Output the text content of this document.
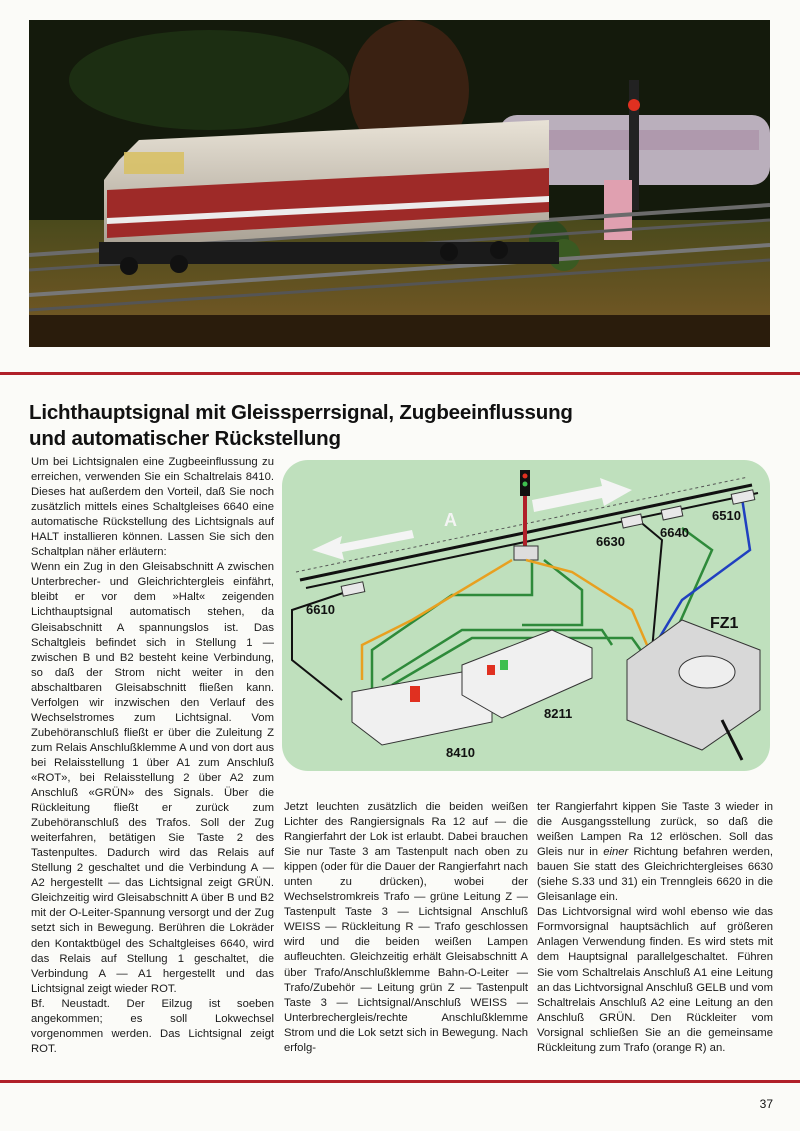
Lichthauptsignal mit Gleissperrsignal, Zugbeeinflussung
und automatischer Rückstellung

Um bei Lichtsignalen eine Zugbeeinflussung zu erreichen, verwenden Sie ein Schaltrelais 8410. Dieses hat außerdem den Vorteil, daß Sie noch zusätzlich mittels eines Schaltgleises 6640 eine automatische Rückstellung des Lichtsignals auf HALT installieren können. Lassen Sie sich den Schaltplan näher erläutern:

Wenn ein Zug in den Gleisabschnitt A zwischen Unterbrecher- und Gleichrichtergleis einfährt, bleibt er vor dem »Halt« zeigenden Lichthauptsignal automatisch stehen, da Gleisabschnitt A spannungslos ist. Das Schaltgleis befindet sich in Stellung 1 — zwischen B und B2 besteht keine Verbindung, so daß der Strom nicht weiter in den abschaltbaren Gleisabschnitt fließen kann. Verfolgen wir inzwischen den Verlauf des Wechselstromes zum Lichtsignal. Vom Zubehöranschluß fließt er über die Zuleitung Z zum Relais Anschlußklemme A und von dort aus bei Relaisstellung 1 über A1 zum Anschluß «ROT», bei Relaisstellung 2 über A2 zum Anschluß «GRÜN» des Signals. Über die Rückleitung fließt er zurück zum Zubehöranschluß des Trafos. Soll der Zug weiterfahren, betätigen Sie Taste 2 des Tastenpultes. Dadurch wird das Relais auf Stellung 2 geschaltet und die Verbindung A — A2 hergestellt — das Lichtsignal zeigt GRÜN. Gleichzeitig wird Gleisabschnitt A über B und B2 mit der O-Leiter-Spannung versorgt und der Zug setzt sich in Bewegung. Berühren die Lokräder den Kontaktbügel des Schaltgleises 6640, wird das Relais auf Stellung 1 geschaltet, die Verbindung A — A1 hergestellt und das Lichtsignal zeigt wieder ROT.

Bf. Neustadt. Der Eilzug ist soeben angekommen; es soll Lokwechsel vorgenommen werden. Das Lichtsignal zeigt ROT.

A
6630
6640
6510
6610
FZ1
8211
8410

Jetzt leuchten zusätzlich die beiden weißen Lichter des Rangiersignals Ra 12 auf — die Rangierfahrt der Lok ist erlaubt. Dabei brauchen Sie nur Taste 3 am Tastenpult nach oben zu kippen (oder für die Dauer der Rangierfahrt nach unten zu drücken), wobei der Wechselstromkreis Trafo — grüne Leitung Z — Tastenpult Taste 3 — Lichtsignal Anschluß WEISS — Rückleitung R — Trafo geschlossen wird und die beiden weißen Lampen aufleuchten. Gleichzeitig erhält Gleisabschnitt A über Trafo/Anschlußklemme Bahn-O-Leiter — Trafo/Zubehör — Leitung grün Z — Tastenpult Taste 3 — Lichtsignal/Anschluß WEISS — Unterbrechergleis/rechte Anschlußklemme Strom und die Lok setzt sich in Bewegung. Nach erfolg-

ter Rangierfahrt kippen Sie Taste 3 wieder in die Ausgangsstellung zurück, so daß die weißen Lampen Ra 12 erlöschen. Soll das Gleis nur in einer Richtung befahren werden, bauen Sie statt des Gleichrichtergleises 6630 (siehe S.33 und 31) ein Trenngleis 6620 in die Gleisanlage ein.

Das Lichtvorsignal wird wohl ebenso wie das Formvorsignal hauptsächlich auf größeren Anlagen Verwendung finden. Es wird stets mit dem Hauptsignal parallelgeschaltet. Führen Sie vom Schaltrelais Anschluß A1 eine Leitung an das Lichtvorsignal Anschluß GELB und vom Schaltrelais Anschluß A2 eine Leitung an den Anschluß GRÜN. Den Rückleiter vom Vorsignal schließen Sie an die gemeinsame Rückleitung zum Trafo (orange R) an.

37
